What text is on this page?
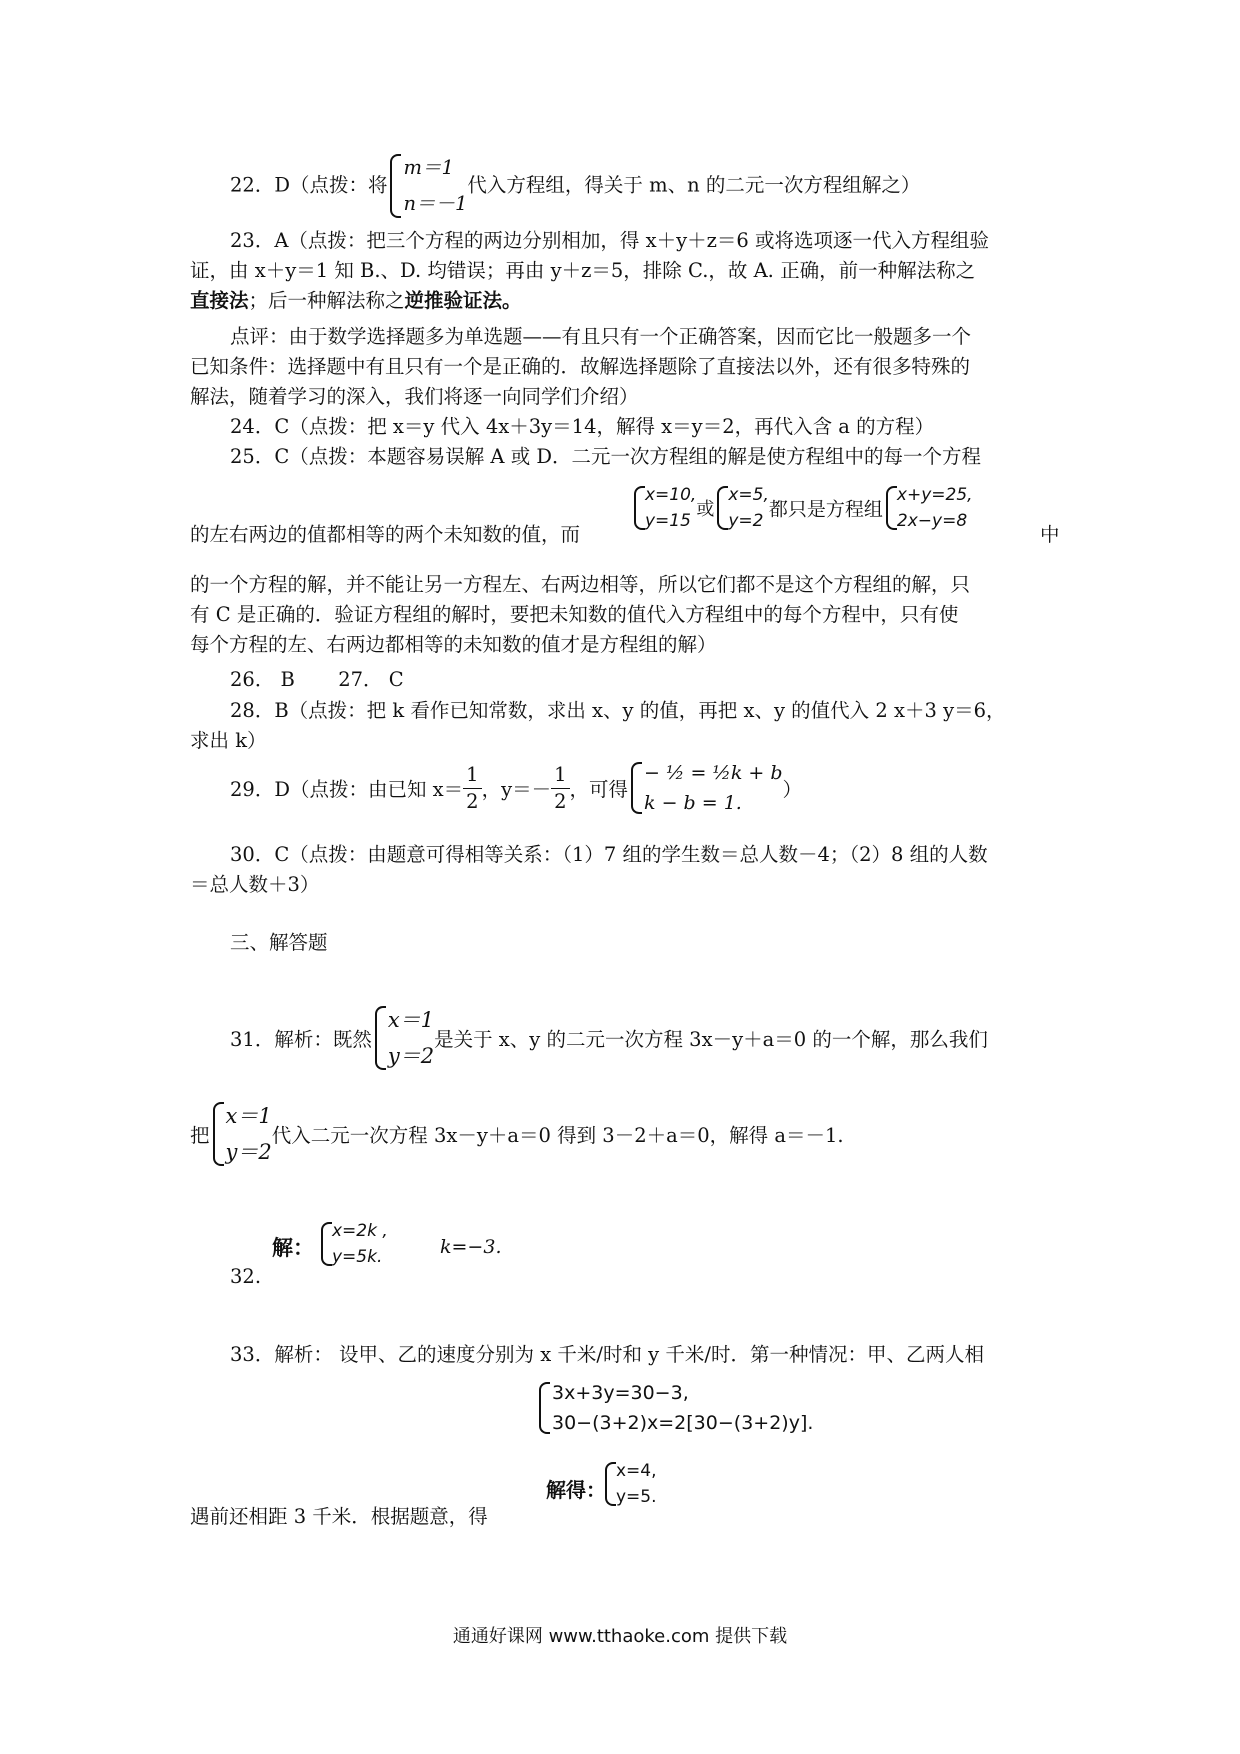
22．D（点拨：将m＝1
n＝－1代入方程组，得关于 m、n 的二元一次方程组解之）
23．A（点拨：把三个方程的两边分别相加，得 x＋y＋z＝6 或将选项逐一代入方程组验
证，由 x＋y＝1 知 B.、D. 均错误；再由 y＋z＝5，排除 C.，故 A. 正确，前一种解法称之
直接法；后一种解法称之逆推验证法。
点评：由于数学选择题多为单选题——有且只有一个正确答案，因而它比一般题多一个
已知条件：选择题中有且只有一个是正确的．故解选择题除了直接法以外，还有很多特殊的
解法，随着学习的深入，我们将逐一向同学们介绍）
24．C（点拨：把 x＝y 代入 4x＋3y＝14，解得 x＝y＝2，再代入含 a 的方程）
25．C（点拨：本题容易误解 A 或 D．二元一次方程组的解是使方程组中的每一个方程
x=10,
y=15或x=5,
y=2都只是方程组x+y=25,
2x−y=8
的左右两边的值都相等的两个未知数的值，而	中
的一个方程的解，并不能让另一方程左、右两边相等，所以它们都不是这个方程组的解，只
有 C 是正确的．验证方程组的解时，要把未知数的值代入方程组中的每个方程中，只有使
每个方程的左、右两边都相等的未知数的值才是方程组的解）
26． B       27． C
28．B（点拨：把 k 看作已知常数，求出 x、y 的值，再把 x、y 的值代入 2 x＋3 y＝6，
求出 k）
29．D（点拨：由已知 $x= \frac{1}{2}$ ，$y=- \frac{1}{2}$ ，可得− ½ = ½k + b
k − b = 1.）
30．C（点拨：由题意可得相等关系：（1）7 组的学生数＝总人数－4；（2）8 组的人数
＝总人数＋3）
三、解答题
31．解析：既然x＝1
y＝2是关于 x、y 的二元一次方程 3x－y＋a＝0 的一个解，那么我们
把x＝1
y＝2代入二元一次方程 3x－y＋a＝0 得到 3－2＋a＝0，解得 a＝－1.
解：
x=2k ,
y=5k.	k=−3.
32.
33．解析： 设甲、乙的速度分别为 x 千米/时和 y 千米/时．第一种情况：甲、乙两人相
3x+3y=30−3,
30−(3+2)x=2[30−(3+2)y].
解得：
x=4,
y=5.
遇前还相距 3 千米．根据题意，得
通通好课网 www.tthaoke.com 提供下载
